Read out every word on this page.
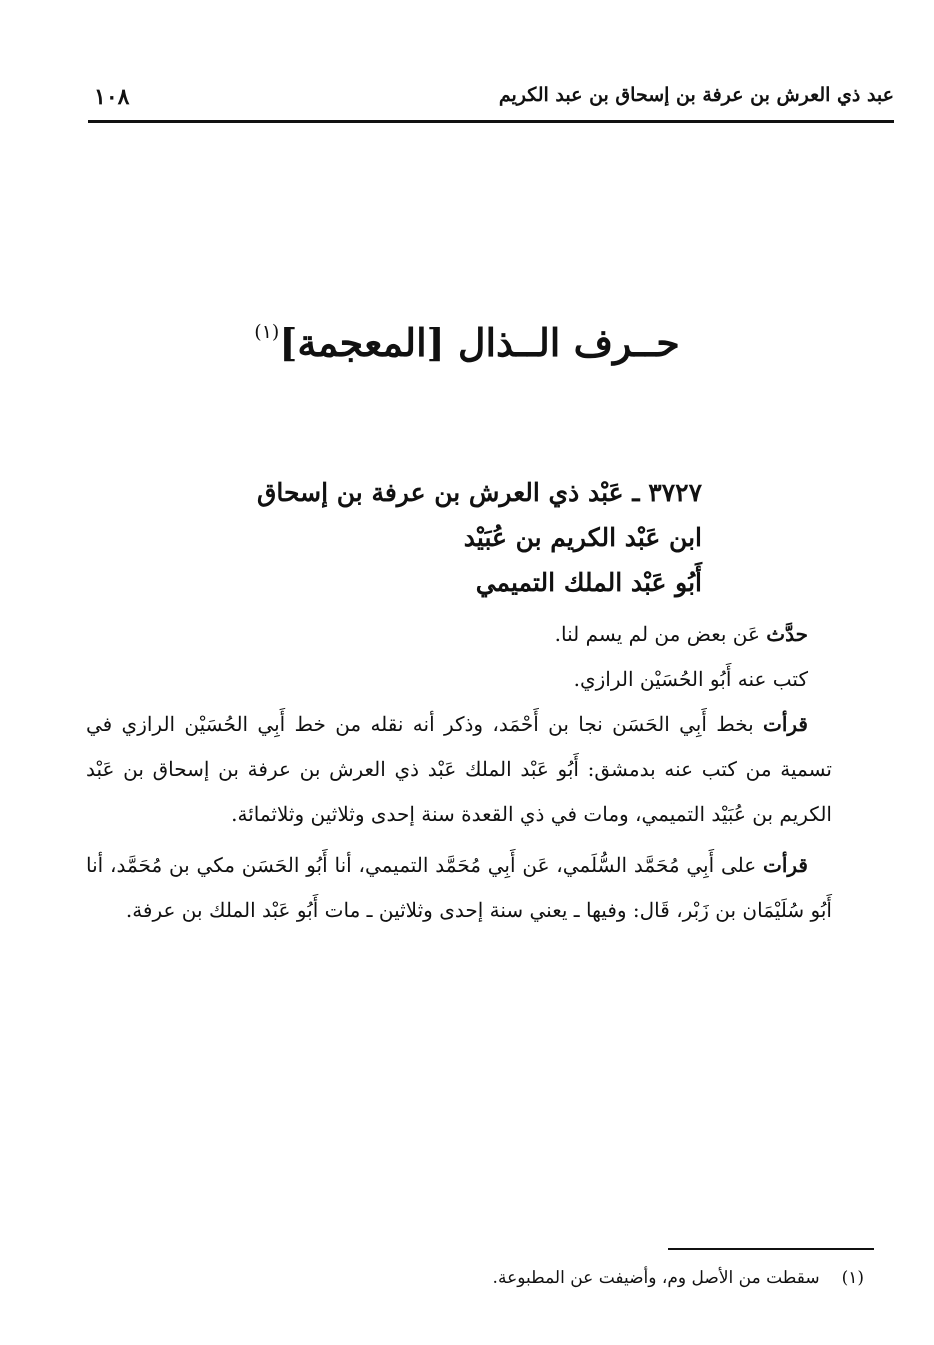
عبد ذي العرش بن عرفة بن إسحاق بن عبد الكريم
١٠٨
حــرف الــذال [المعجمة]$^{(١)}$
٣٧٢٧ ـ عَبْد ذي العرش بن عرفة بن إسحاق
ابن عَبْد الكريم بن عُبَيْد
أَبُو عَبْد الملك التميمي

حدَّث عَن بعض من لم يسم لنا.

كتب عنه أَبُو الحُسَيْن الرازي.

قرأت بخط أَبِي الحَسَن نجا بن أَحْمَد، وذكر أنه نقله من خط أَبِي الحُسَيْن الرازي في تسمية من كتب عنه بدمشق: أَبُو عَبْد الملك عَبْد ذي العرش بن عرفة بن إسحاق بن عَبْد الكريم بن عُبَيْد التميمي، ومات في ذي القعدة سنة إحدى وثلاثين وثلاثمائة.

قرأت على أَبِي مُحَمَّد السُّلَمي، عَن أَبِي مُحَمَّد التميمي، أنا أَبُو الحَسَن مكي بن مُحَمَّد، أنا أَبُو سُلَيْمَان بن زَبْر، قَال: وفيها ـ يعني سنة إحدى وثلاثين ـ مات أَبُو عَبْد الملك بن عرفة.

(١)سقطت من الأصل وم، وأضيفت عن المطبوعة.
